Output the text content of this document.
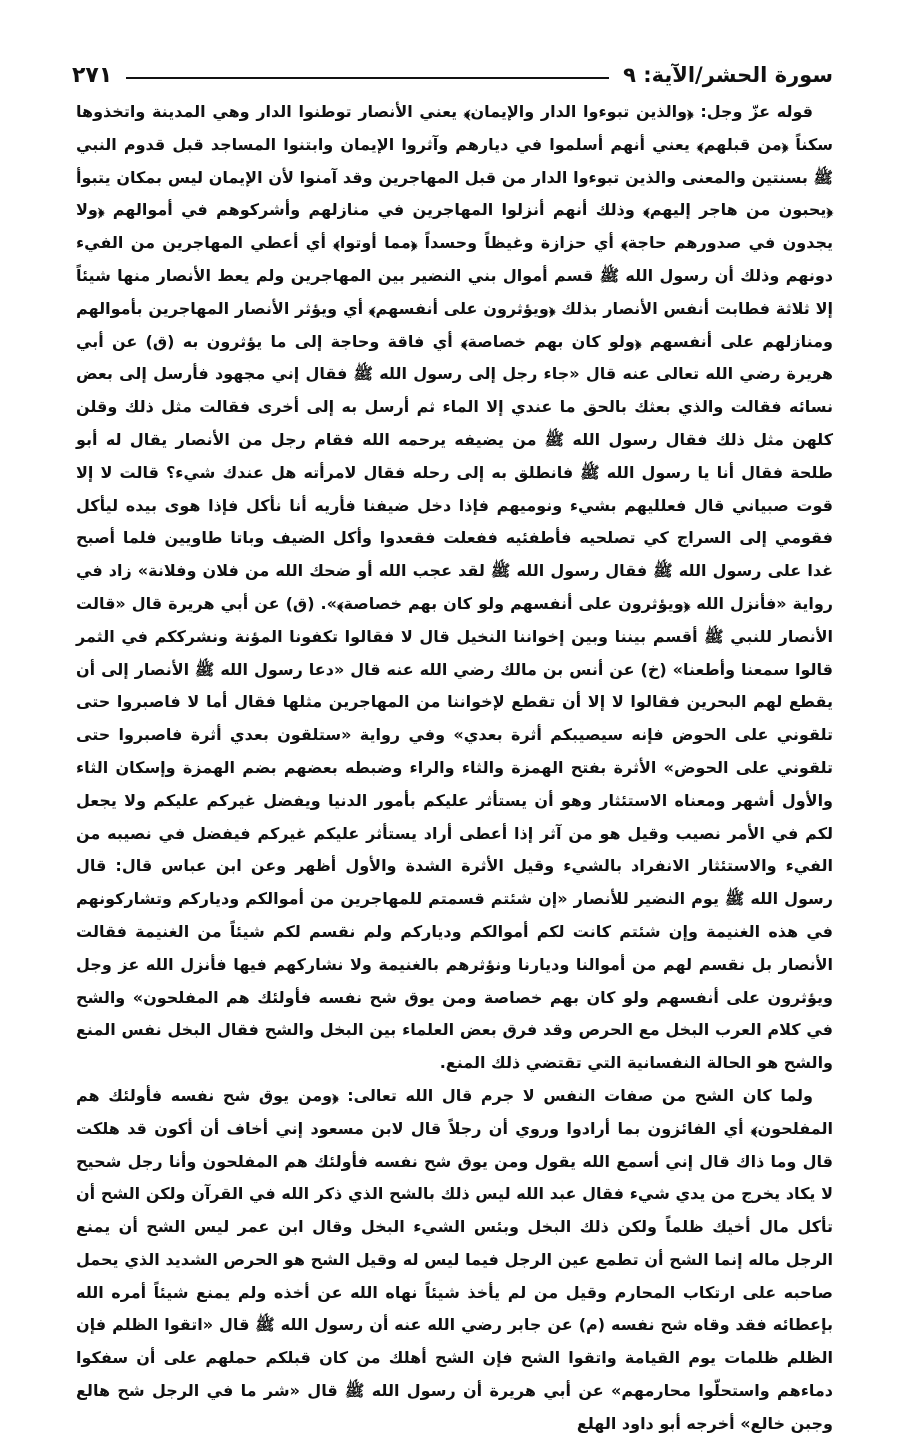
سورة الحشر/الآية: ٩
٢٧١

قوله عزّ وجل: ﴿والذين تبوءوا الدار والإيمان﴾ يعني الأنصار توطنوا الدار وهي المدينة واتخذوها سكناً ﴿من قبلهم﴾ يعني أنهم أسلموا في ديارهم وآثروا الإيمان وابتنوا المساجد قبل قدوم النبي ﷺ بسنتين والمعنى والذين تبوءوا الدار من قبل المهاجرين وقد آمنوا لأن الإيمان ليس بمكان يتبوأ ﴿يحبون من هاجر إليهم﴾ وذلك أنهم أنزلوا المهاجرين في منازلهم وأشركوهم في أموالهم ﴿ولا يجدون في صدورهم حاجة﴾ أي حزازة وغيظاً وحسداً ﴿مما أوتوا﴾ أي أعطي المهاجرين من الفيء دونهم وذلك أن رسول الله ﷺ قسم أموال بني النضير بين المهاجرين ولم يعط الأنصار منها شيئاً إلا ثلاثة فطابت أنفس الأنصار بذلك ﴿ويؤثرون على أنفسهم﴾ أي ويؤثر الأنصار المهاجرين بأموالهم ومنازلهم على أنفسهم ﴿ولو كان بهم خصاصة﴾ أي فاقة وحاجة إلى ما يؤثرون به (ق) عن أبي هريرة رضي الله تعالى عنه قال «جاء رجل إلى رسول الله ﷺ فقال إني مجهود فأرسل إلى بعض نسائه فقالت والذي بعثك بالحق ما عندي إلا الماء ثم أرسل به إلى أخرى فقالت مثل ذلك وقلن كلهن مثل ذلك فقال رسول الله ﷺ من يضيفه يرحمه الله فقام رجل من الأنصار يقال له أبو طلحة فقال أنا يا رسول الله ﷺ فانطلق به إلى رحله فقال لامرأته هل عندك شيء؟ قالت لا إلا قوت صبياني قال فعلليهم بشيء ونوميهم فإذا دخل ضيفنا فأريه أنا نأكل فإذا هوى بيده ليأكل فقومي إلى السراج كي تصلحيه فأطفئيه ففعلت فقعدوا وأكل الضيف وباتا طاويين فلما أصبح غدا على رسول الله ﷺ فقال رسول الله ﷺ لقد عجب الله أو ضحك الله من فلان وفلانة» زاد في رواية «فأنزل الله ﴿ويؤثرون على أنفسهم ولو كان بهم خصاصة﴾». (ق) عن أبي هريرة قال «قالت الأنصار للنبي ﷺ أقسم بيننا وبين إخواننا النخيل قال لا فقالوا تكفونا المؤنة ونشرككم في الثمر قالوا سمعنا وأطعنا» (خ) عن أنس بن مالك رضي الله عنه قال «دعا رسول الله ﷺ الأنصار إلى أن يقطع لهم البحرين فقالوا لا إلا أن تقطع لإخواننا من المهاجرين مثلها فقال أما لا فاصبروا حتى تلقوني على الحوض فإنه سيصيبكم أثرة بعدي» وفي رواية «ستلقون بعدي أثرة فاصبروا حتى تلقوني على الحوض» الأثرة بفتح الهمزة والثاء والراء وضبطه بعضهم بضم الهمزة وإسكان الثاء والأول أشهر ومعناه الاستئثار وهو أن يستأثر عليكم بأمور الدنيا ويفضل غيركم عليكم ولا يجعل لكم في الأمر نصيب وقيل هو من آثر إذا أعطى أراد يستأثر عليكم غيركم فيفضل في نصيبه من الفيء والاستئثار الانفراد بالشيء وقيل الأثرة الشدة والأول أظهر وعن ابن عباس قال: قال رسول الله ﷺ يوم النضير للأنصار «إن شئتم قسمتم للمهاجرين من أموالكم ودياركم وتشاركونهم في هذه الغنيمة وإن شئتم كانت لكم أموالكم وديارکم ولم نقسم لكم شيئاً من الغنيمة فقالت الأنصار بل نقسم لهم من أموالنا وديارنا ونؤثرهم بالغنيمة ولا نشاركهم فيها فأنزل الله عز وجل ويؤثرون على أنفسهم ولو كان بهم خصاصة ومن يوق شح نفسه فأولئك هم المفلحون» والشح في كلام العرب البخل مع الحرص وقد فرق بعض العلماء بين البخل والشح فقال البخل نفس المنع والشح هو الحالة النفسانية التي تقتضي ذلك المنع.

ولما كان الشح من صفات النفس لا جرم قال الله تعالى: ﴿ومن يوق شح نفسه فأولئك هم المفلحون﴾ أي الفائزون بما أرادوا وروي أن رجلاً قال لابن مسعود إني أخاف أن أكون قد هلكت قال وما ذاك قال إني أسمع الله يقول ومن يوق شح نفسه فأولئك هم المفلحون وأنا رجل شحيح لا يكاد يخرج من يدي شيء فقال عبد الله ليس ذلك بالشح الذي ذكر الله في القرآن ولكن الشح أن تأكل مال أخيك ظلماً ولكن ذلك البخل وبئس الشيء البخل وقال ابن عمر ليس الشح أن يمنع الرجل ماله إنما الشح أن تطمع عين الرجل فيما ليس له وقيل الشح هو الحرص الشديد الذي يحمل صاحبه على ارتكاب المحارم وقيل من لم يأخذ شيئاً نهاه الله عن أخذه ولم يمنع شيئاً أمره الله بإعطائه فقد وقاه شح نفسه (م) عن جابر رضي الله عنه أن رسول الله ﷺ قال «اتقوا الظلم فإن الظلم ظلمات يوم القيامة واتقوا الشح فإن الشح أهلك من كان قبلكم حملهم على أن سفكوا دماءهم واستحلّوا محارمهم» عن أبي هريرة أن رسول الله ﷺ قال «شر ما في الرجل شح هالع وجبن خالع» أخرجه أبو داود الهلع
